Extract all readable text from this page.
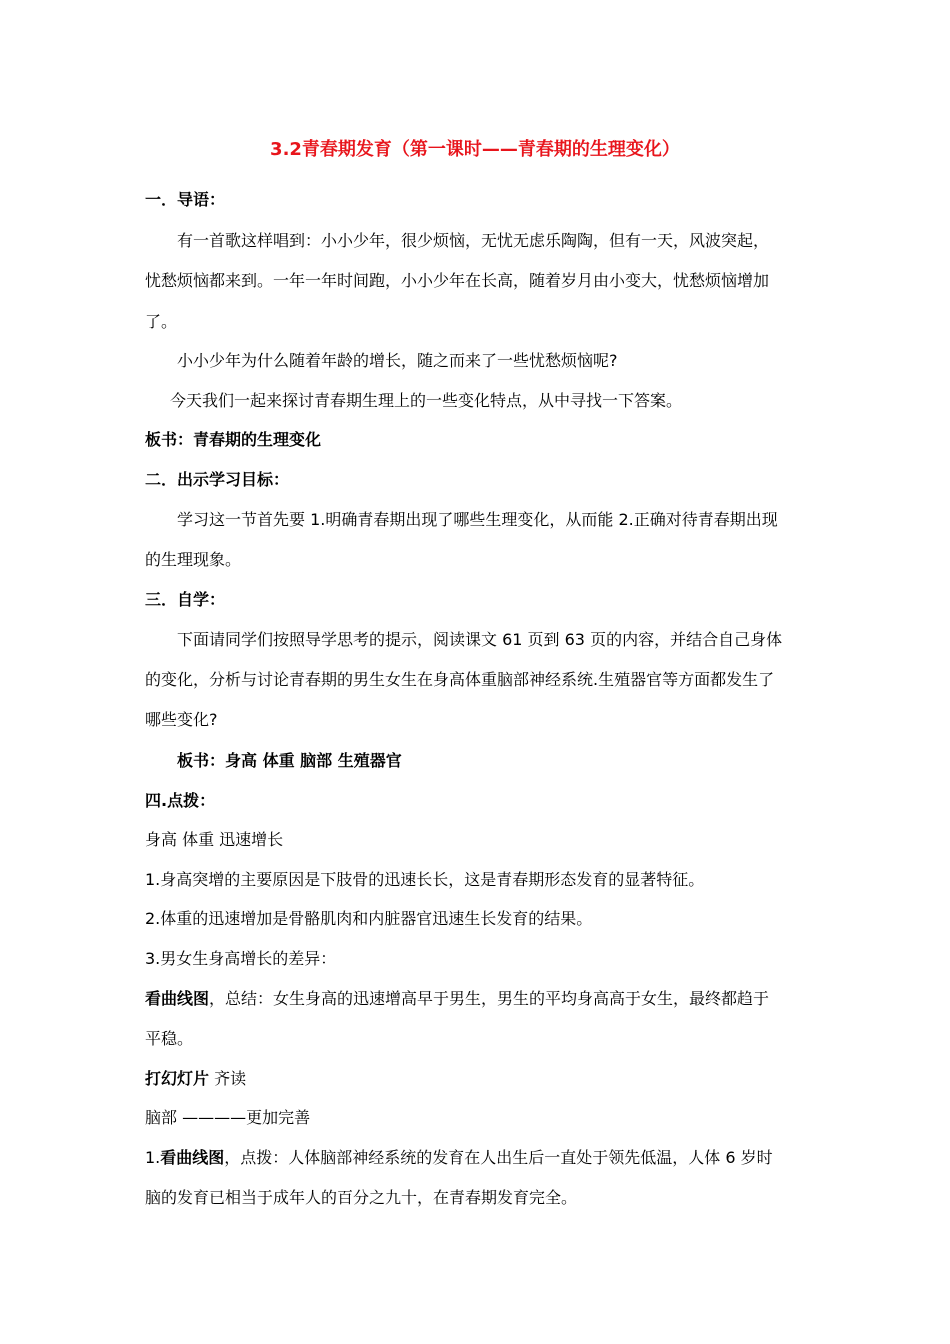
3.2青春期发育（第一课时——青春期的生理变化）
一．导语：
有一首歌这样唱到：小小少年，很少烦恼，无忧无虑乐陶陶，但有一天，风波突起，
忧愁烦恼都来到。一年一年时间跑，小小少年在长高，随着岁月由小变大，忧愁烦恼增加
了。
小小少年为什么随着年龄的增长，随之而来了一些忧愁烦恼呢?
今天我们一起来探讨青春期生理上的一些变化特点，从中寻找一下答案。
板书：青春期的生理变化
二．出示学习目标：
学习这一节首先要 1.明确青春期出现了哪些生理变化，从而能 2.正确对待青春期出现
的生理现象。
三．自学：
下面请同学们按照导学思考的提示，阅读课文 61 页到 63 页的内容，并结合自己身体
的变化，分析与讨论青春期的男生女生在身高体重脑部神经系统.生殖器官等方面都发生了
哪些变化?
板书：身高 体重 脑部 生殖器官
四.点拨：
身高 体重 迅速增长
1.身高突增的主要原因是下肢骨的迅速长长，这是青春期形态发育的显著特征。
2.体重的迅速增加是骨骼肌肉和内脏器官迅速生长发育的结果。
3.男女生身高增长的差异：
看曲线图，总结：女生身高的迅速增高早于男生，男生的平均身高高于女生，最终都趋于
平稳。
打幻灯片 齐读
脑部 ————更加完善
1.看曲线图，点拨：人体脑部神经系统的发育在人出生后一直处于领先低温，人体 6 岁时
脑的发育已相当于成年人的百分之九十，在青春期发育完全。
